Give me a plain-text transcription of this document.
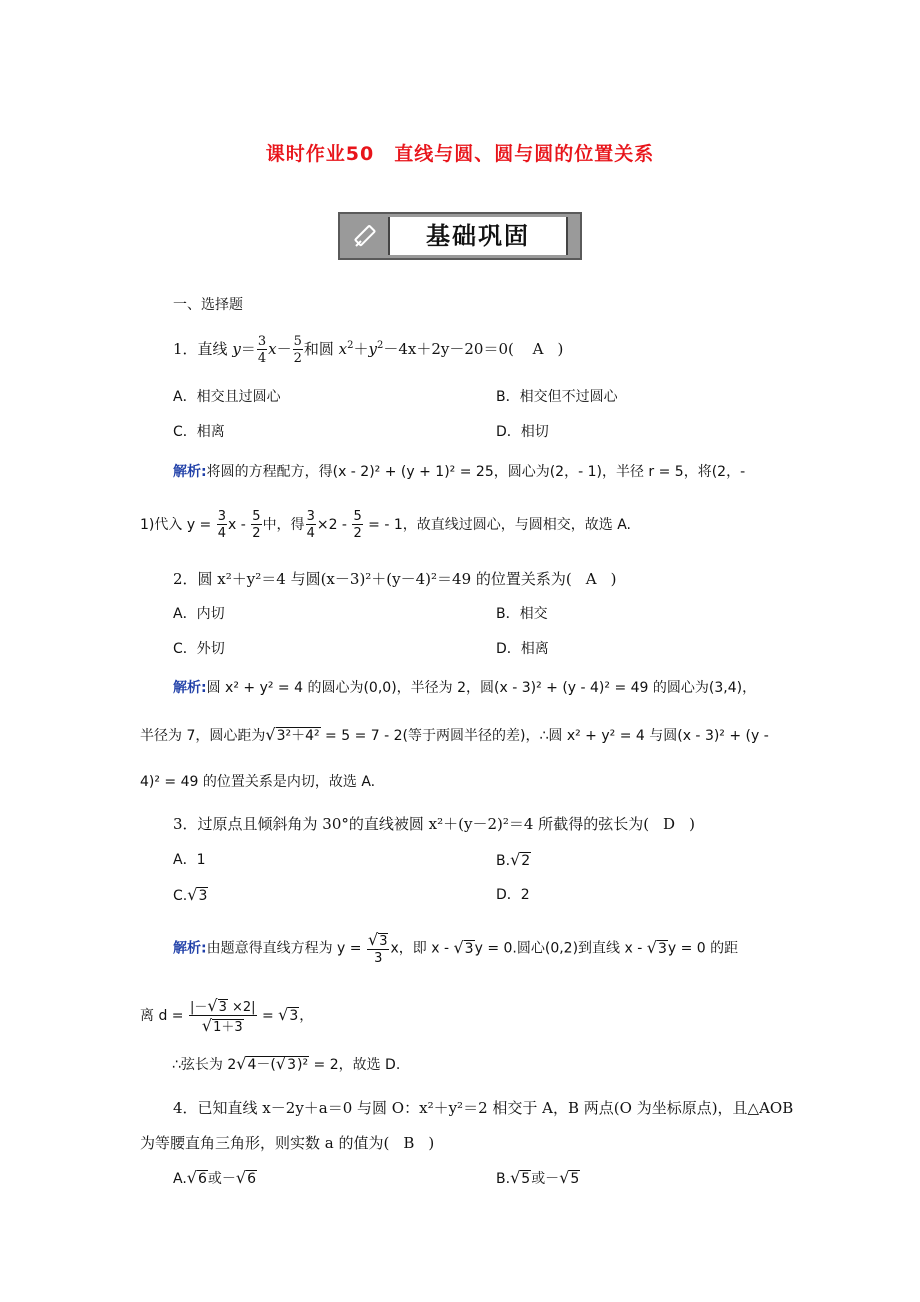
课时作业50　直线与圆、圆与圆的位置关系
基础巩固
一、选择题
1．直线 $y= \frac{3}{4} x- \frac{5}{2}$ 和圆 $x^2+y^2-4x+2y-20=0$( A )
A．相交且过圆心	B．相交但不过圆心
C．相离	D．相切
解析:将圆的方程配方，得(x - 2)² + (y + 1)² = 25，圆心为(2，- 1)，半径 r = 5，将(2，-
1)代入 $y = \frac{3}{4}$ x - $\frac{5}{2}$ 中，得 $\frac{3}{4} \times 2 - \frac{5}{2}$ = - 1，故直线过圆心，与圆相交，故选 A.
2．圆 x²＋y²＝4 与圆(x－3)²＋(y－4)²＝49 的位置关系为( A )
A．内切	B．相交
C．外切	D．相离
解析:圆 x² + y² = 4 的圆心为(0,0)，半径为 2，圆(x - 3)² + (y - 4)² = 49 的圆心为(3,4)，
半径为 7，圆心距为√3²＋4² = 5 = 7 - 2(等于两圆半径的差)，∴圆 x² + y² = 4 与圆(x - 3)² + (y -
4)² = 49 的位置关系是内切，故选 A.
3．过原点且倾斜角为 30°的直线被圆 x²＋(y－2)²＝4 所截得的弦长为( D )
A．1	B.√2
C.√3	D．2
解析:由题意得直线方程为 $y = \frac{√3}{3}$ x，即 x - √3y = 0.圆心(0,2)到直线 x - √3y = 0 的距
离 $d = \frac{|-√3 \times 2|}{√1+3} = √3$，
∴弦长为 2√4－(√3)² = 2，故选 D.
4．已知直线 x－2y＋a＝0 与圆 O：x²＋y²＝2 相交于 A，B 两点(O 为坐标原点)，且△AOB
为等腰直角三角形，则实数 a 的值为( B )
A.√6或－√6	B.√5或－√5
